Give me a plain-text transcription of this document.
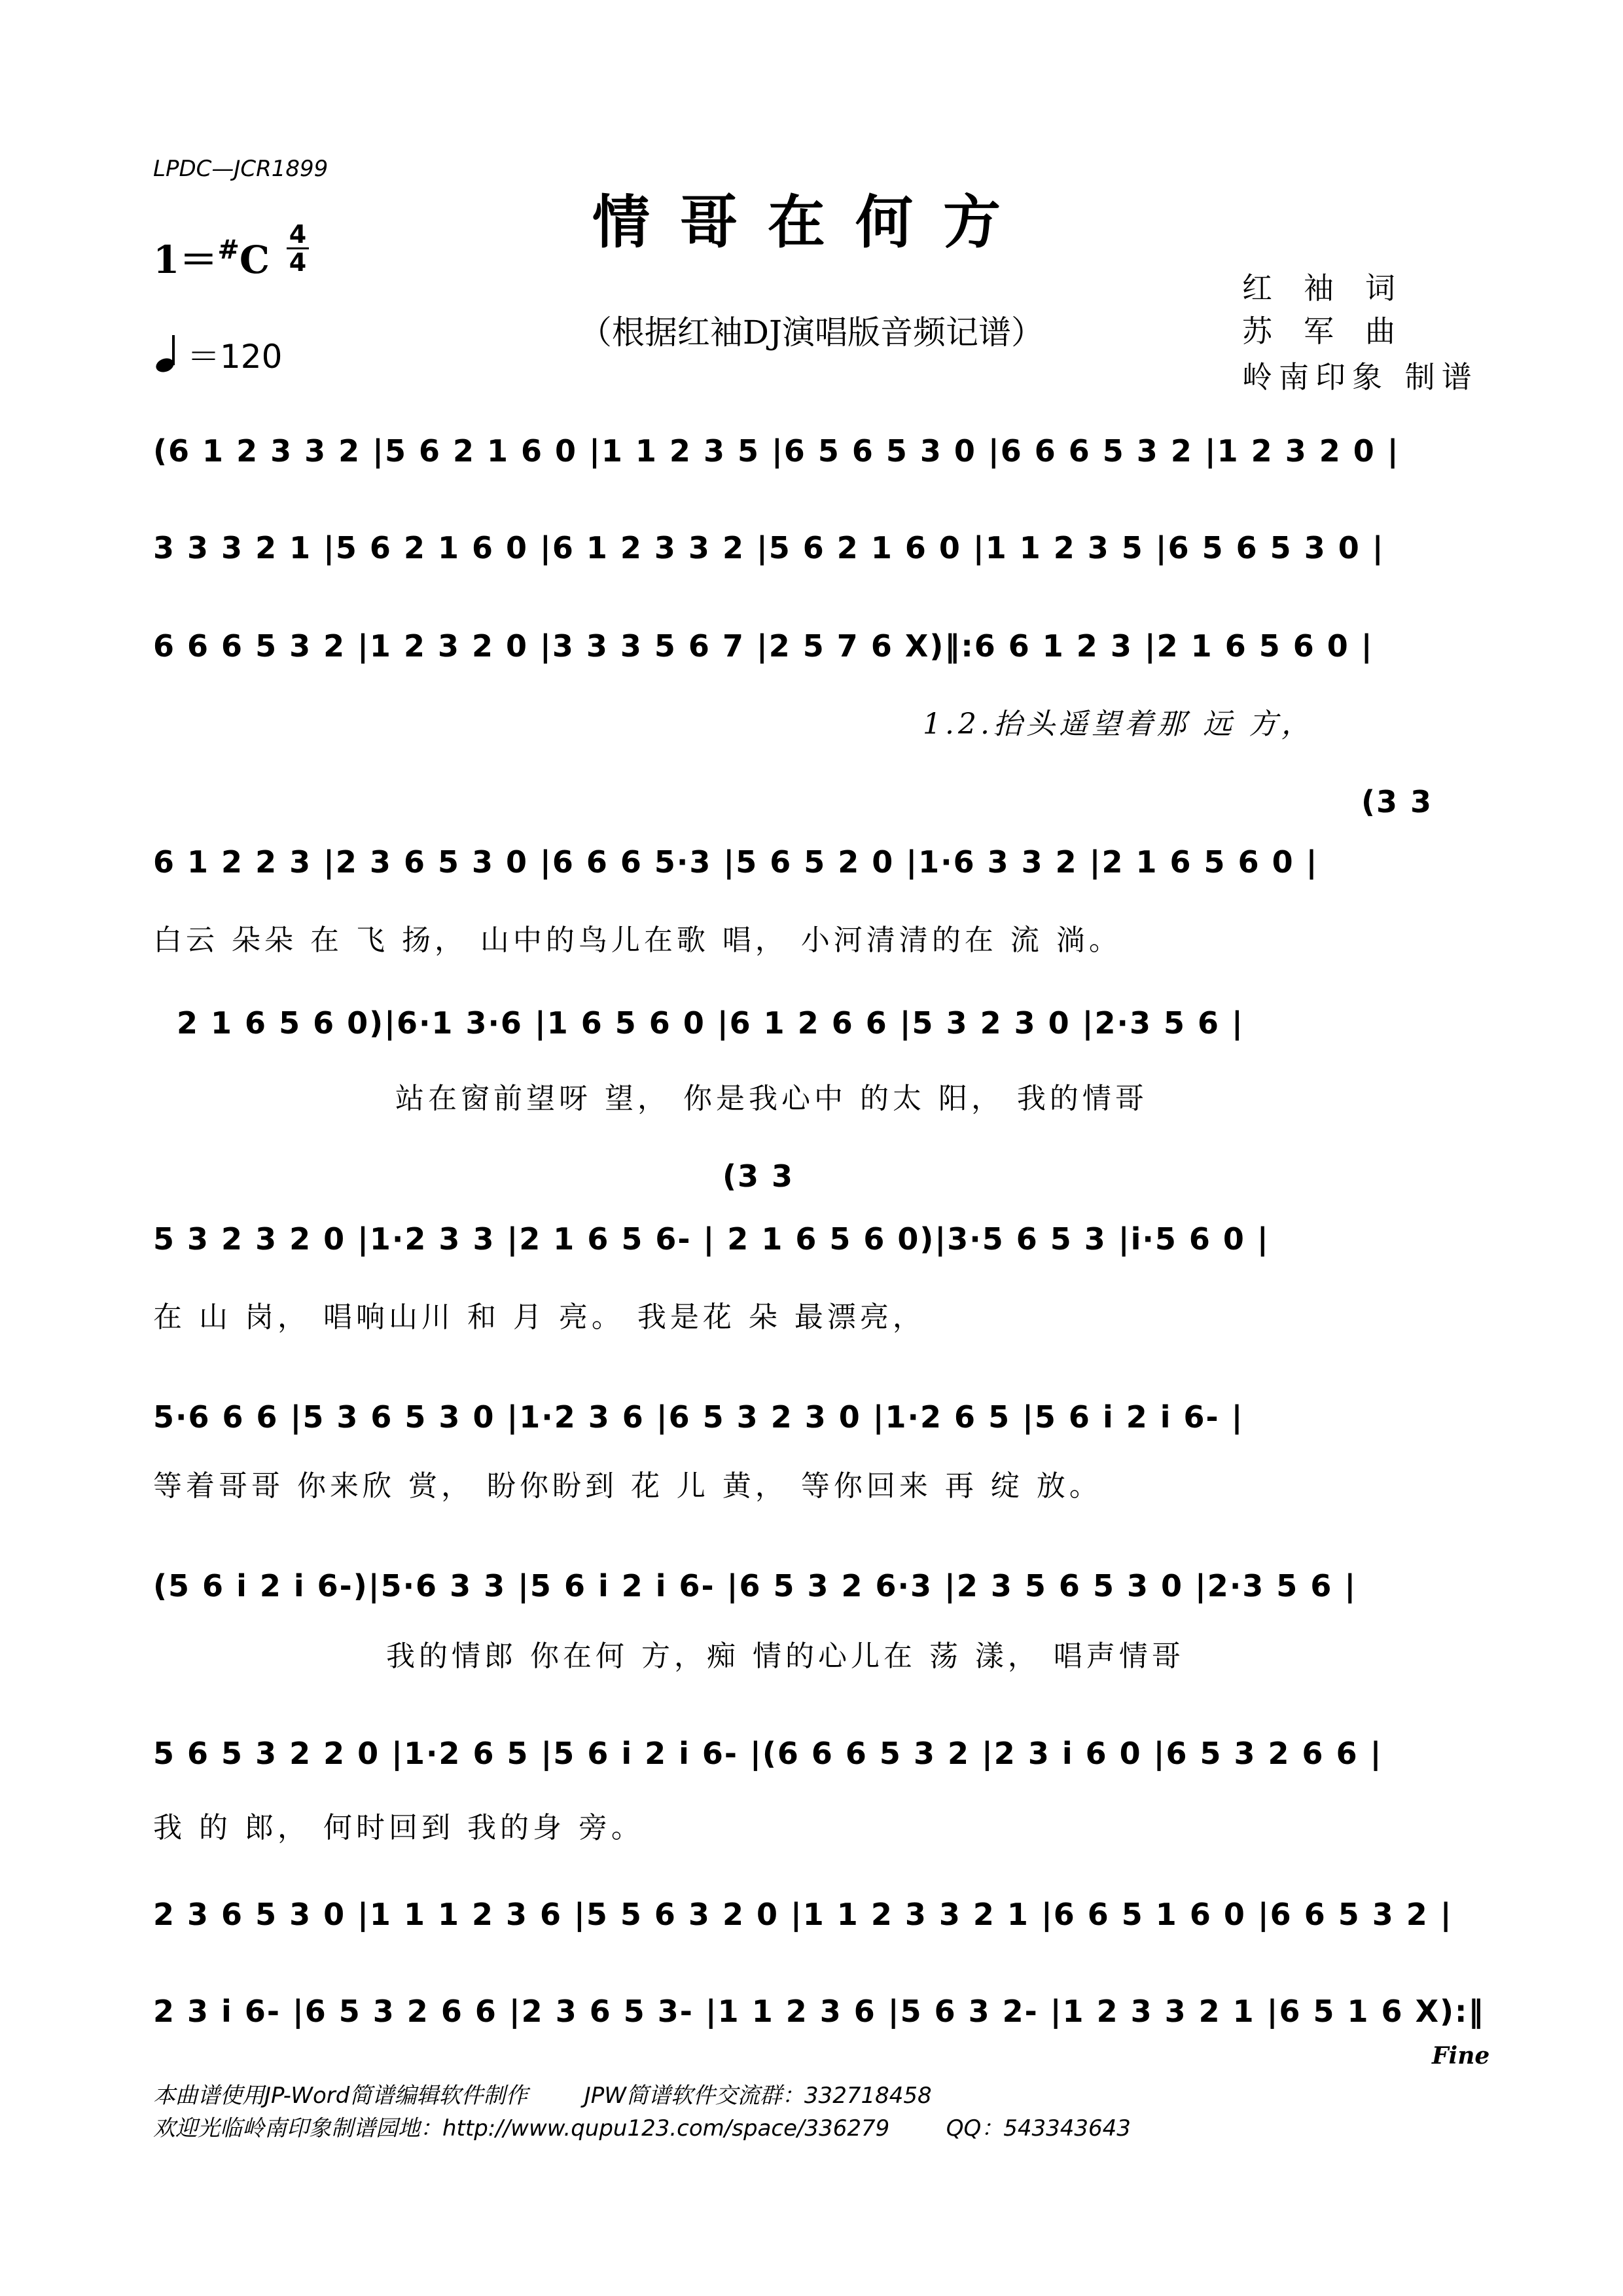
LPDC—JCR1899
情哥在何方
（根据红袖DJ演唱版音频记谱）
1＝#C
4
4
＝120
红袖词
苏军曲
岭南印象 制谱
(6 1 2 3 3 2 |5 6 2 1 6 0 |1 1 2 3 5 |6 5 6 5 3 0 |6 6 6 5 3 2 |1 2 3 2 0 |
3 3 3 2 1 |5 6 2 1 6 0 |6 1 2 3 3 2 |5 6 2 1 6 0 |1 1 2 3 5 |6 5 6 5 3 0 |
6 6 6 5 3 2 |1 2 3 2 0 |3 3 3 5 6 7 |2 5 7 6 X)‖:6 6 1 2 3 |2 1 6 5 6 0 |
1.2.抬头遥望着那 远 方，
(3 3
6 1 2 2 3 |2 3 6 5 3 0 |6 6 6 5·3 |5 6 5 2 0 |1·6 3 3 2 |2 1 6 5 6 0 |
白云 朵朵 在 飞 扬， 山中的鸟儿在歌 唱， 小河清清的在 流 淌。
2 1 6 5 6 0)|6·1 3·6 |1 6 5 6 0 |6 1 2 6 6 |5 3 2 3 0 |2·3 5 6 |
站在窗前望呀 望， 你是我心中 的太 阳， 我的情哥
(3 3
5 3 2 3 2 0 |1·2 3 3 |2 1 6 5 6- | 2 1 6 5 6 0)|3·5 6 5 3 |i·5 6 0 |
在 山 岗， 唱响山川 和 月 亮。 我是花 朵 最漂亮，
5·6 6 6 |5 3 6 5 3 0 |1·2 3 6 |6 5 3 2 3 0 |1·2 6 5 |5 6 i 2 i 6- |
等着哥哥 你来欣 赏， 盼你盼到 花 儿 黄， 等你回来 再 绽 放。
(5 6 i 2 i 6-)|5·6 3 3 |5 6 i 2 i 6- |6 5 3 2 6·3 |2 3 5 6 5 3 0 |2·3 5 6 |
我的情郎 你在何 方，痴 情的心儿在 荡 漾， 唱声情哥
5 6 5 3 2 2 0 |1·2 6 5 |5 6 i 2 i 6- |(6 6 6 5 3 2 |2 3 i 6 0 |6 5 3 2 6 6 |
我 的 郎， 何时回到 我的身 旁。
2 3 6 5 3 0 |1 1 1 2 3 6 |5 5 6 3 2 0 |1 1 2 3 3 2 1 |6 6 5 1 6 0 |6 6 5 3 2 |
2 3 i 6- |6 5 3 2 6 6 |2 3 6 5 3- |1 1 2 3 6 |5 6 3 2- |1 2 3 3 2 1 |6 5 1 6 X):‖
Fine
本曲谱使用JP-Word简谱编辑软件制作        JPW简谱软件交流群：332718458
欢迎光临岭南印象制谱园地：http://www.qupu123.com/space/336279        QQ：543343643
